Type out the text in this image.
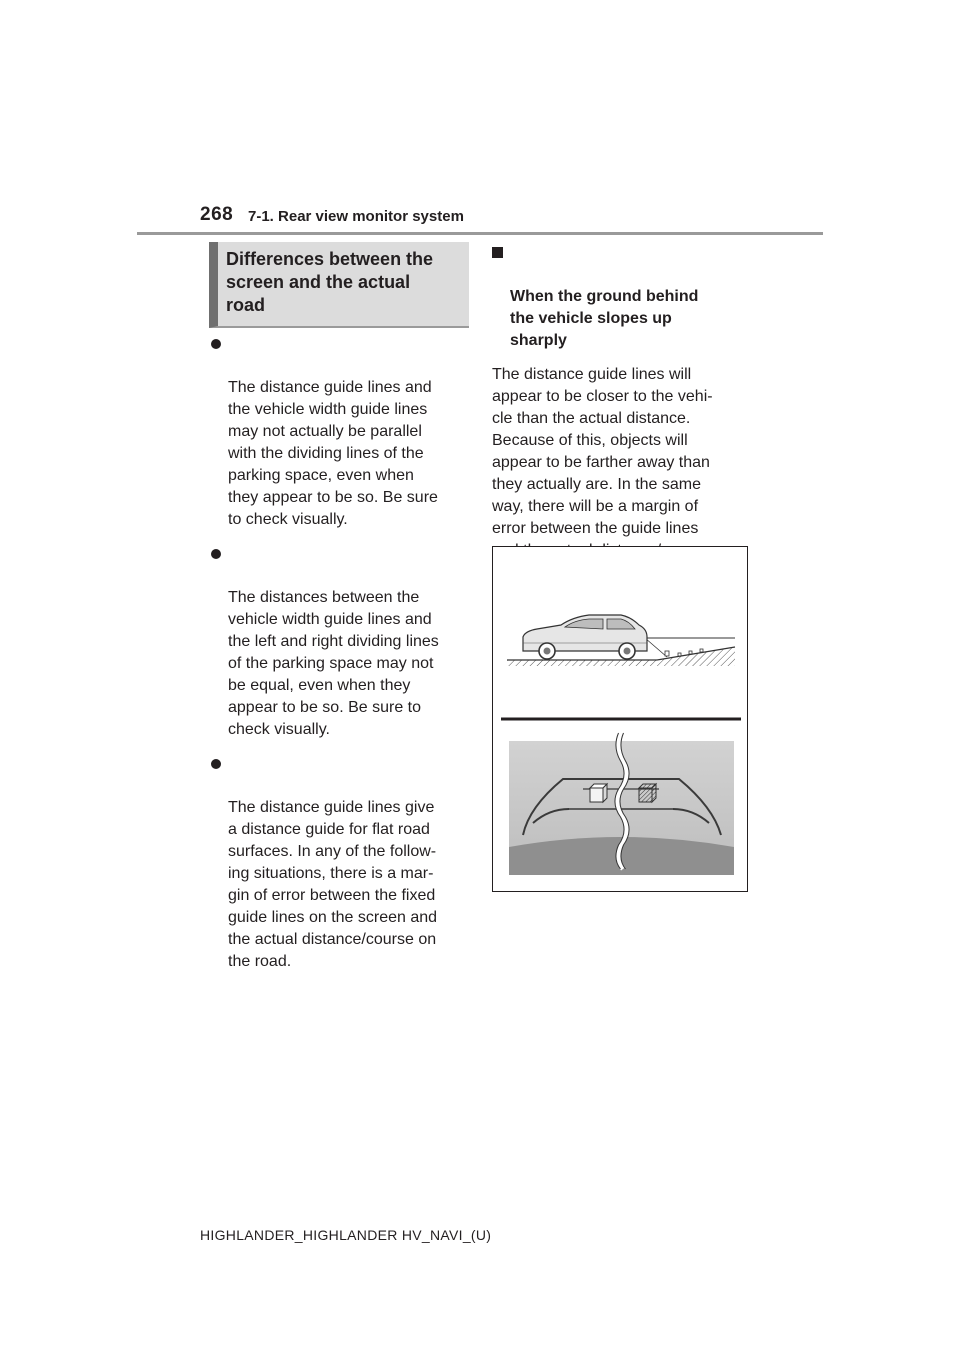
268 7-1. Rear view monitor system
Differences between the
screen and the actual
road

The distance guide lines and
the vehicle width guide lines
may not actually be parallel
with the dividing lines of the
parking space, even when
they appear to be so. Be sure
to check visually.

The distances between the
vehicle width guide lines and
the left and right dividing lines
of the parking space may not
be equal, even when they
appear to be so. Be sure to
check visually.

The distance guide lines give
a distance guide for flat road
surfaces. In any of the follow-
ing situations, there is a mar-
gin of error between the fixed
guide lines on the screen and
the actual distance/course on
the road.

When the ground behind
the vehicle slopes up
sharply

The distance guide lines will
appear to be closer to the vehi-
cle than the actual distance.
Because of this, objects will
appear to be farther away than
they actually are. In the same
way, there will be a margin of
error between the guide lines

HIGHLANDER_HIGHLANDER HV_NAVI_(U)
